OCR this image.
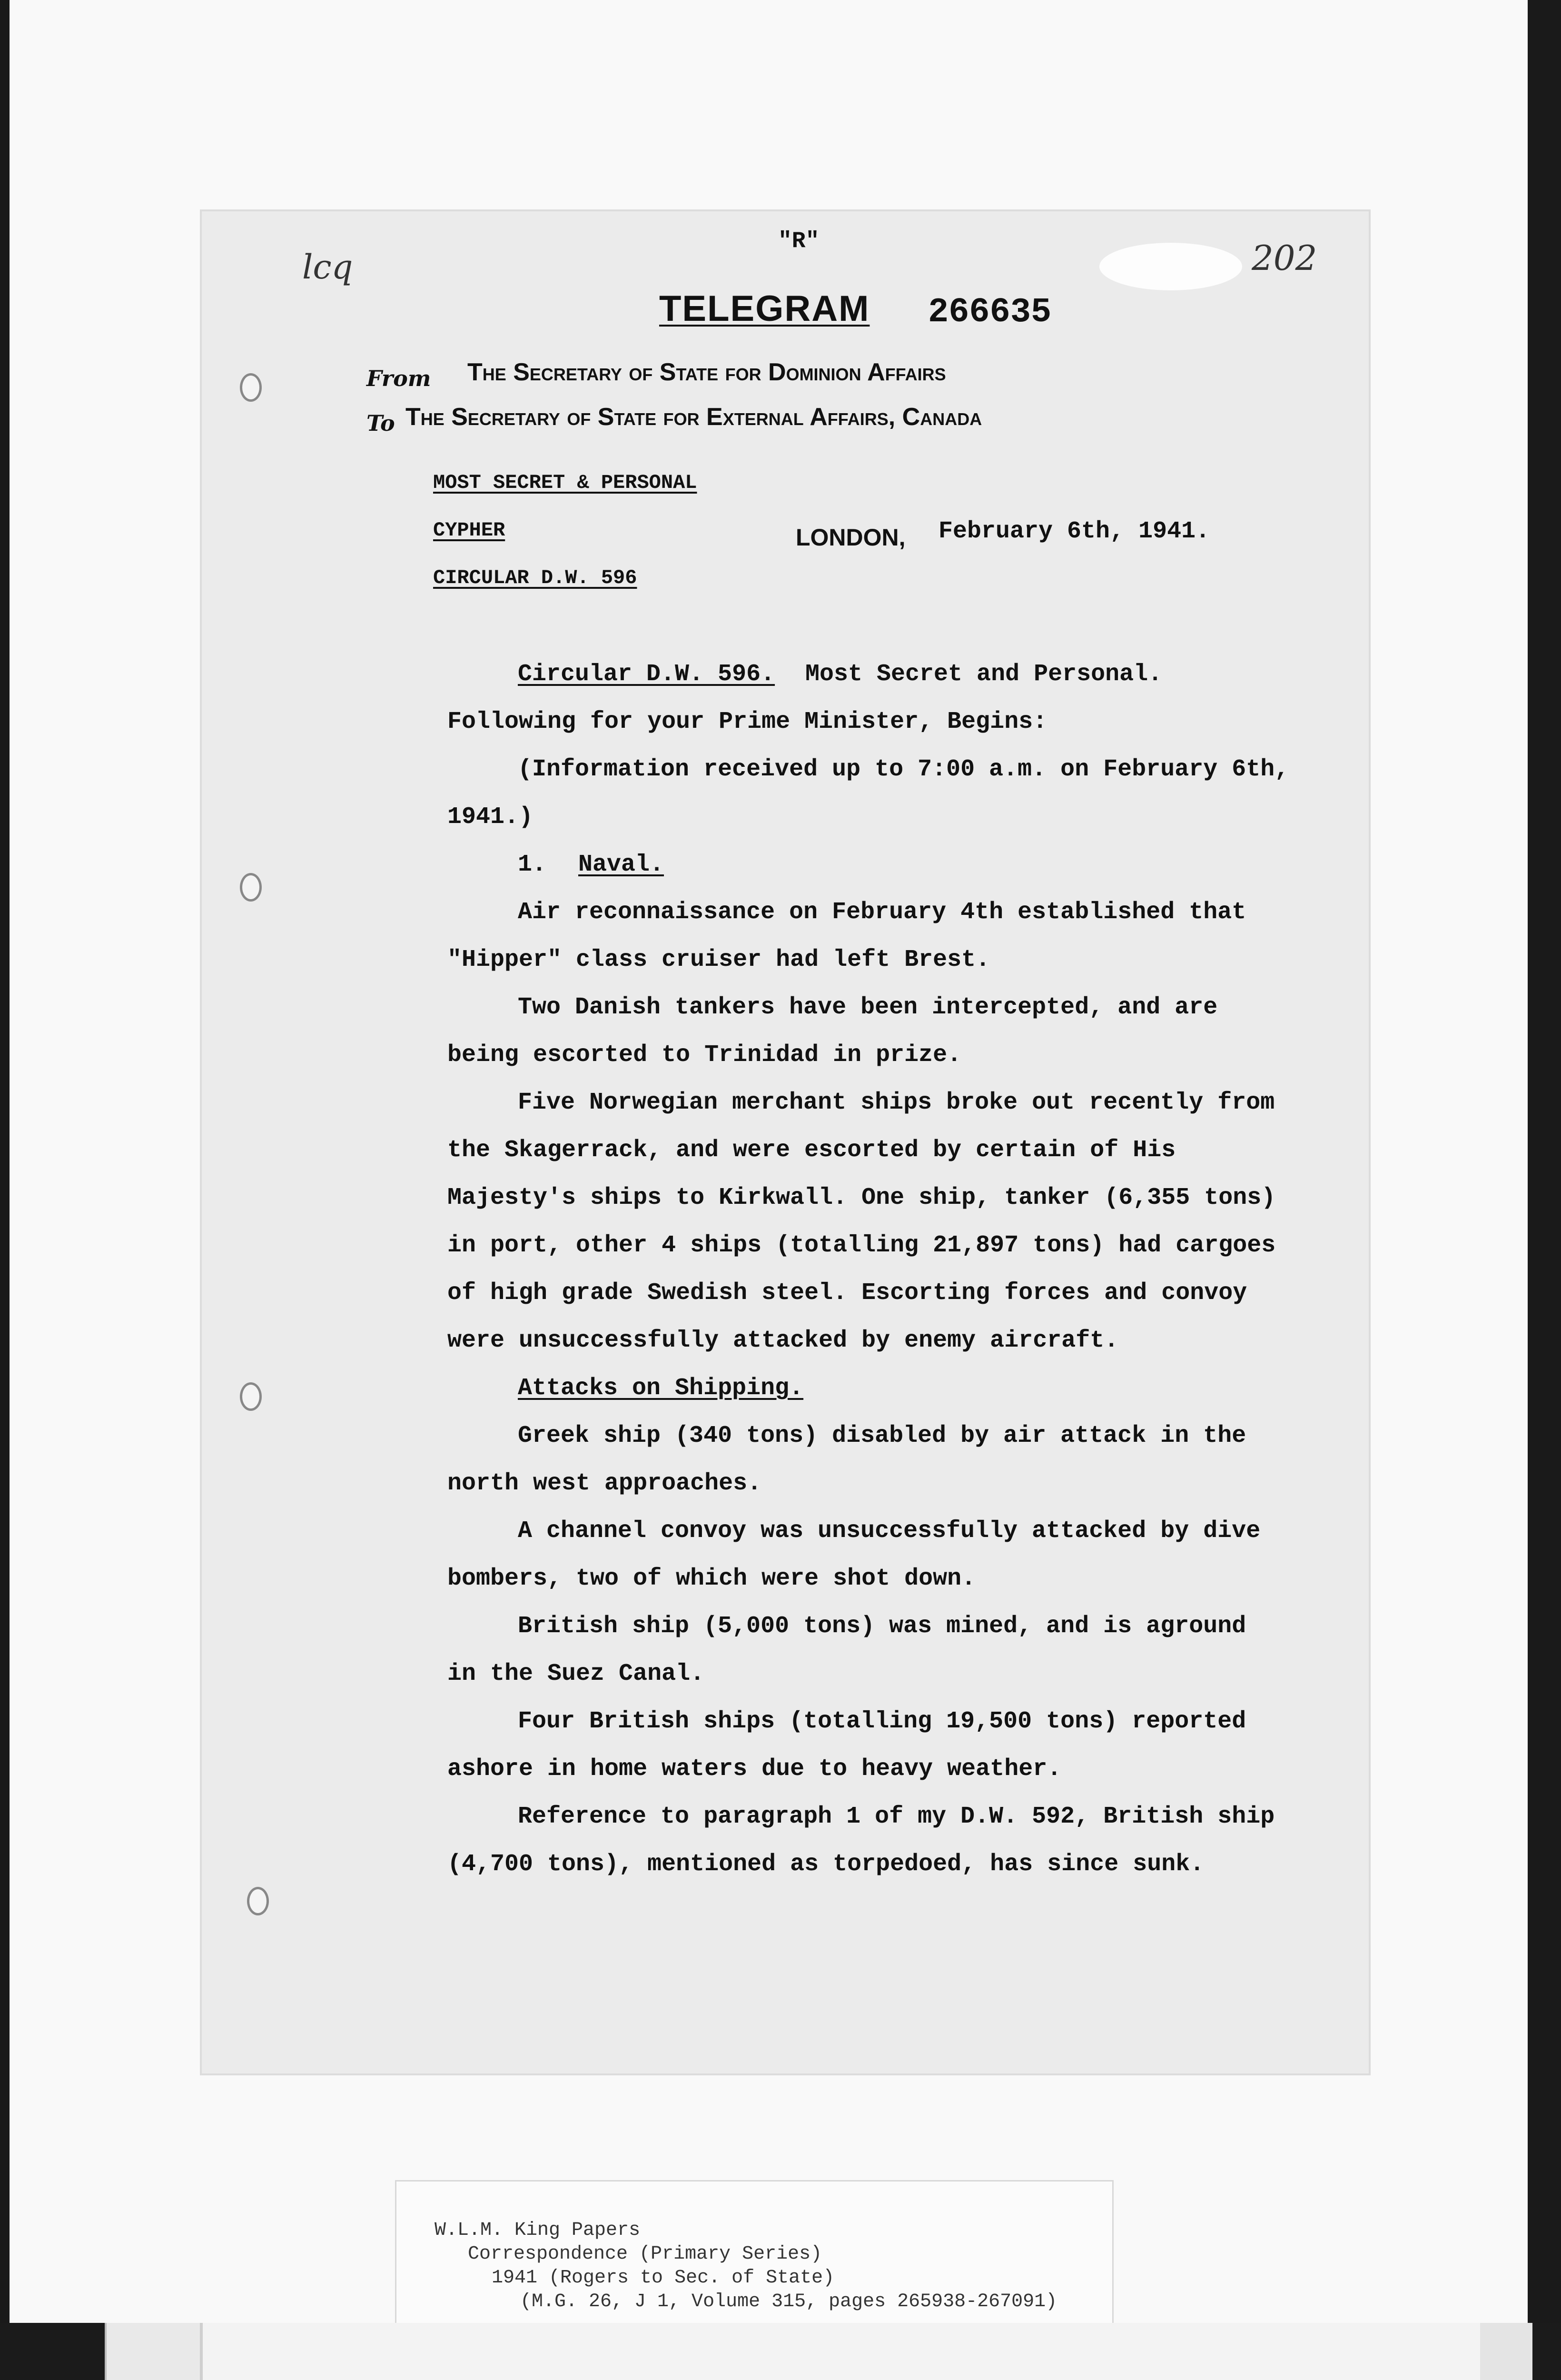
lcq	202
"R"
TELEGRAM 266635
From The Secretary of State for Dominion Affairs
To The Secretary of State for External Affairs, Canada
MOST SECRET & PERSONAL
CYPHER
CIRCULAR D.W. 596
LONDON, February 6th, 1941.
Circular D.W. 596. Most Secret and Personal.
Following for your Prime Minister, Begins:
(Information received up to 7:00 a.m. on February 6th,
1941.)
1. Naval.
Air reconnaissance on February 4th established that
"Hipper" class cruiser had left Brest.
Two Danish tankers have been intercepted, and are
being escorted to Trinidad in prize.
Five Norwegian merchant ships broke out recently from
the Skagerrack, and were escorted by certain of His
Majesty's ships to Kirkwall. One ship, tanker (6,355 tons)
in port, other 4 ships (totalling 21,897 tons) had cargoes
of high grade Swedish steel. Escorting forces and convoy
were unsuccessfully attacked by enemy aircraft.
Attacks on Shipping.
Greek ship (340 tons) disabled by air attack in the
north west approaches.
A channel convoy was unsuccessfully attacked by dive
bombers, two of which were shot down.
British ship (5,000 tons) was mined, and is aground
in the Suez Canal.
Four British ships (totalling 19,500 tons) reported
ashore in home waters due to heavy weather.
Reference to paragraph 1 of my D.W. 592, British ship
(4,700 tons), mentioned as torpedoed, has since sunk.
W.L.M. King Papers
Correspondence (Primary Series)
1941 (Rogers to Sec. of State)
(M.G. 26, J 1, Volume 315, pages 265938-267091)
